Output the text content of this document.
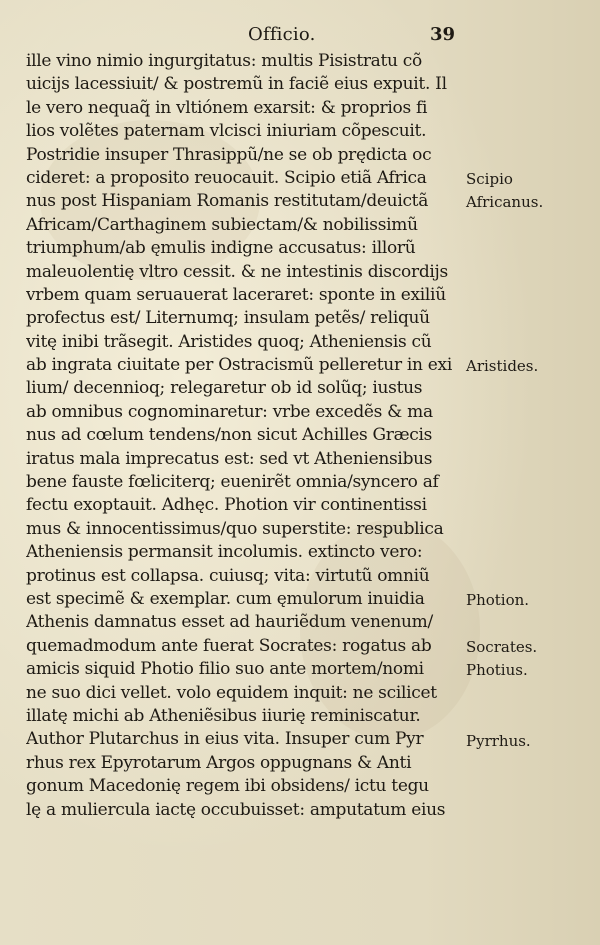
Officio.	39
ille vino nimio ingurgitatus: multis Pisistratu cõ
uicijs lacessiuit/ & postremũ in faciẽ eius expuit. Il
le vero nequaq̃ in vltiónem exarsit: & proprios fi
lios volẽtes paternam vlcisci iniuriam cõpescuit.
Postridie insuper Thrasippũ/ne se ob prędicta oc
cideret: a proposito reuocauit. Scipio etiã Africa
nus post Hispaniam Romanis restitutam/deuictã
Africam/Carthaginem subiectam/& nobilissimũ
triumphum/ab ęmulis indigne accusatus: illorũ
maleuolentię vltro cessit. & ne intestinis discordijs
vrbem quam seruauerat laceraret: sponte in exiliũ
profectus est/ Liternumq; insulam petẽs/ reliquũ
vitę inibi trãsegit. Aristides quoq; Atheniensis cũ
ab ingrata ciuitate per Ostracismũ pelleretur in exi
lium/ decennioq; relegaretur ob id solũq; iustus
ab omnibus cognominaretur: vrbe excedẽs & ma
nus ad cœlum tendens/non sicut Achilles Græcis
iratus mala imprecatus est: sed vt Atheniensibus
bene fauste fœliciterq; euenirẽt omnia/syncero af
fectu exoptauit. Adhęc. Photion vir continentissi
mus & innocentissimus/quo superstite: respublica
Atheniensis permansit incolumis. extincto vero:
protinus est collapsa. cuiusq; vita: virtutũ omniũ
est specimẽ & exemplar. cum ęmulorum inuidia
Athenis damnatus esset ad hauriẽdum venenum/
quemadmodum ante fuerat Socrates: rogatus ab
amicis siquid Photio filio suo ante mortem/nomi
ne suo dici vellet. volo equidem inquit: ne scilicet
illatę michi ab Atheniẽsibus iiurię reminiscatur.
Author Plutarchus in eius vita. Insuper cum Pyr
rhus rex Epyrotarum Argos oppugnans & Anti
gonum Macedonię regem ibi obsidens/ ictu tegu
lę a muliercula iactę occubuisset: amputatum eius
Scipio
Africanus.
Aristides.
Photion.
Socrates.
Photius.
Pyrrhus.
